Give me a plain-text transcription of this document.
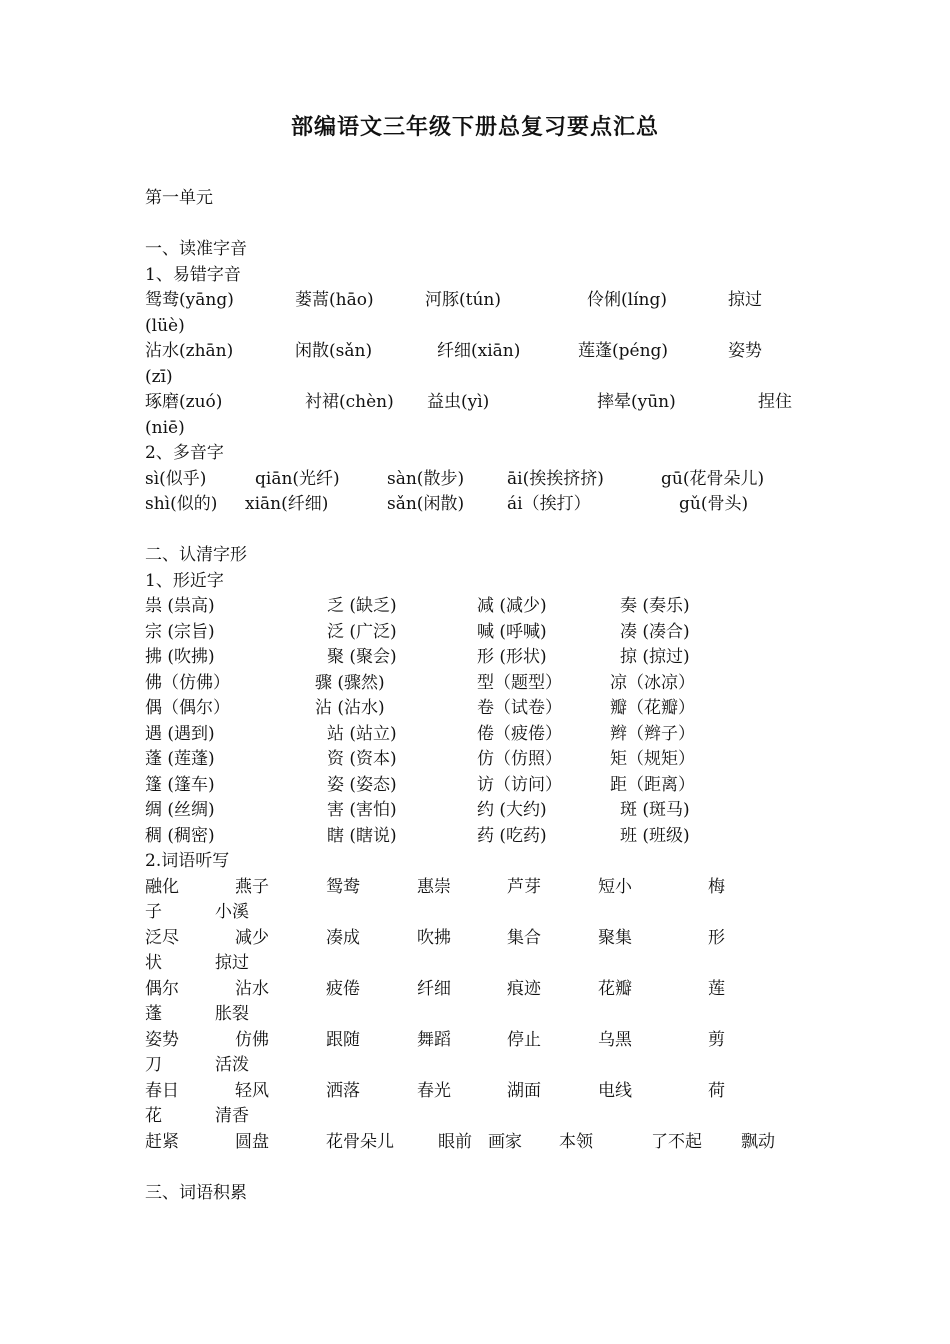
部编语文三年级下册总复习要点汇总
第一单元
一、读准字音
1、易错字音
鸳鸯(yāng)	蒌蒿(hāo)	河豚(tún)	伶俐(líng)	掠过
(lüè)
沾水(zhān)	闲散(sǎn)	纤细(xiān)	莲蓬(péng)	姿势
(zī)
琢磨(zuó)	衬裙(chèn) 益虫(yì)	摔晕(yūn)	捏住
(niē)
2、多音字
sì(似乎)	qiān(光纤)	sàn(散步)	āi(挨挨挤挤)	gū(花骨朵儿)
shì(似的) xiān(纤细)	sǎn(闲散)	ái（挨打）	gǔ(骨头)
二、认清字形
1、形近字
祟 (祟高)	乏 (缺乏)	减 (减少)	奏 (奏乐)
宗 (宗旨)	泛 (广泛)	喊 (呼喊)	凑 (凑合)
拂 (吹拂)	聚 (聚会)	形 (形状)	掠 (掠过)
佛（仿佛）	骤 (骤然)	型（题型）	凉（冰凉）
偶（偶尔）	沾 (沾水)	卷（试卷）	瓣（花瓣）
遇 (遇到)	站 (站立)	倦（疲倦）	辫（辫子）
蓬 (莲蓬)	资 (资本)	仿（仿照）	矩（规矩）
篷 (篷车)	姿 (姿态)	访（访问）	距（距离）
绸 (丝绸)	害 (害怕)	约 (大约)	斑 (斑马)
稠 (稠密)	瞎 (瞎说)	药 (吃药)	班 (班级)
2.词语听写
融化	燕子	鸳鸯	惠崇	芦芽	短小	梅
子	小溪
泛尽	减少	凑成	吹拂	集合	聚集	形
状	掠过
偶尔	沾水	疲倦	纤细	痕迹	花瓣	莲
蓬	胀裂
姿势	仿佛	跟随	舞蹈	停止	乌黑	剪
刀	活泼
春日	轻风	洒落	春光	湖面	电线	荷
花	清香
赶紧	圆盘	花骨朵儿	眼前 画家 本领	了不起 飘动
三、词语积累
